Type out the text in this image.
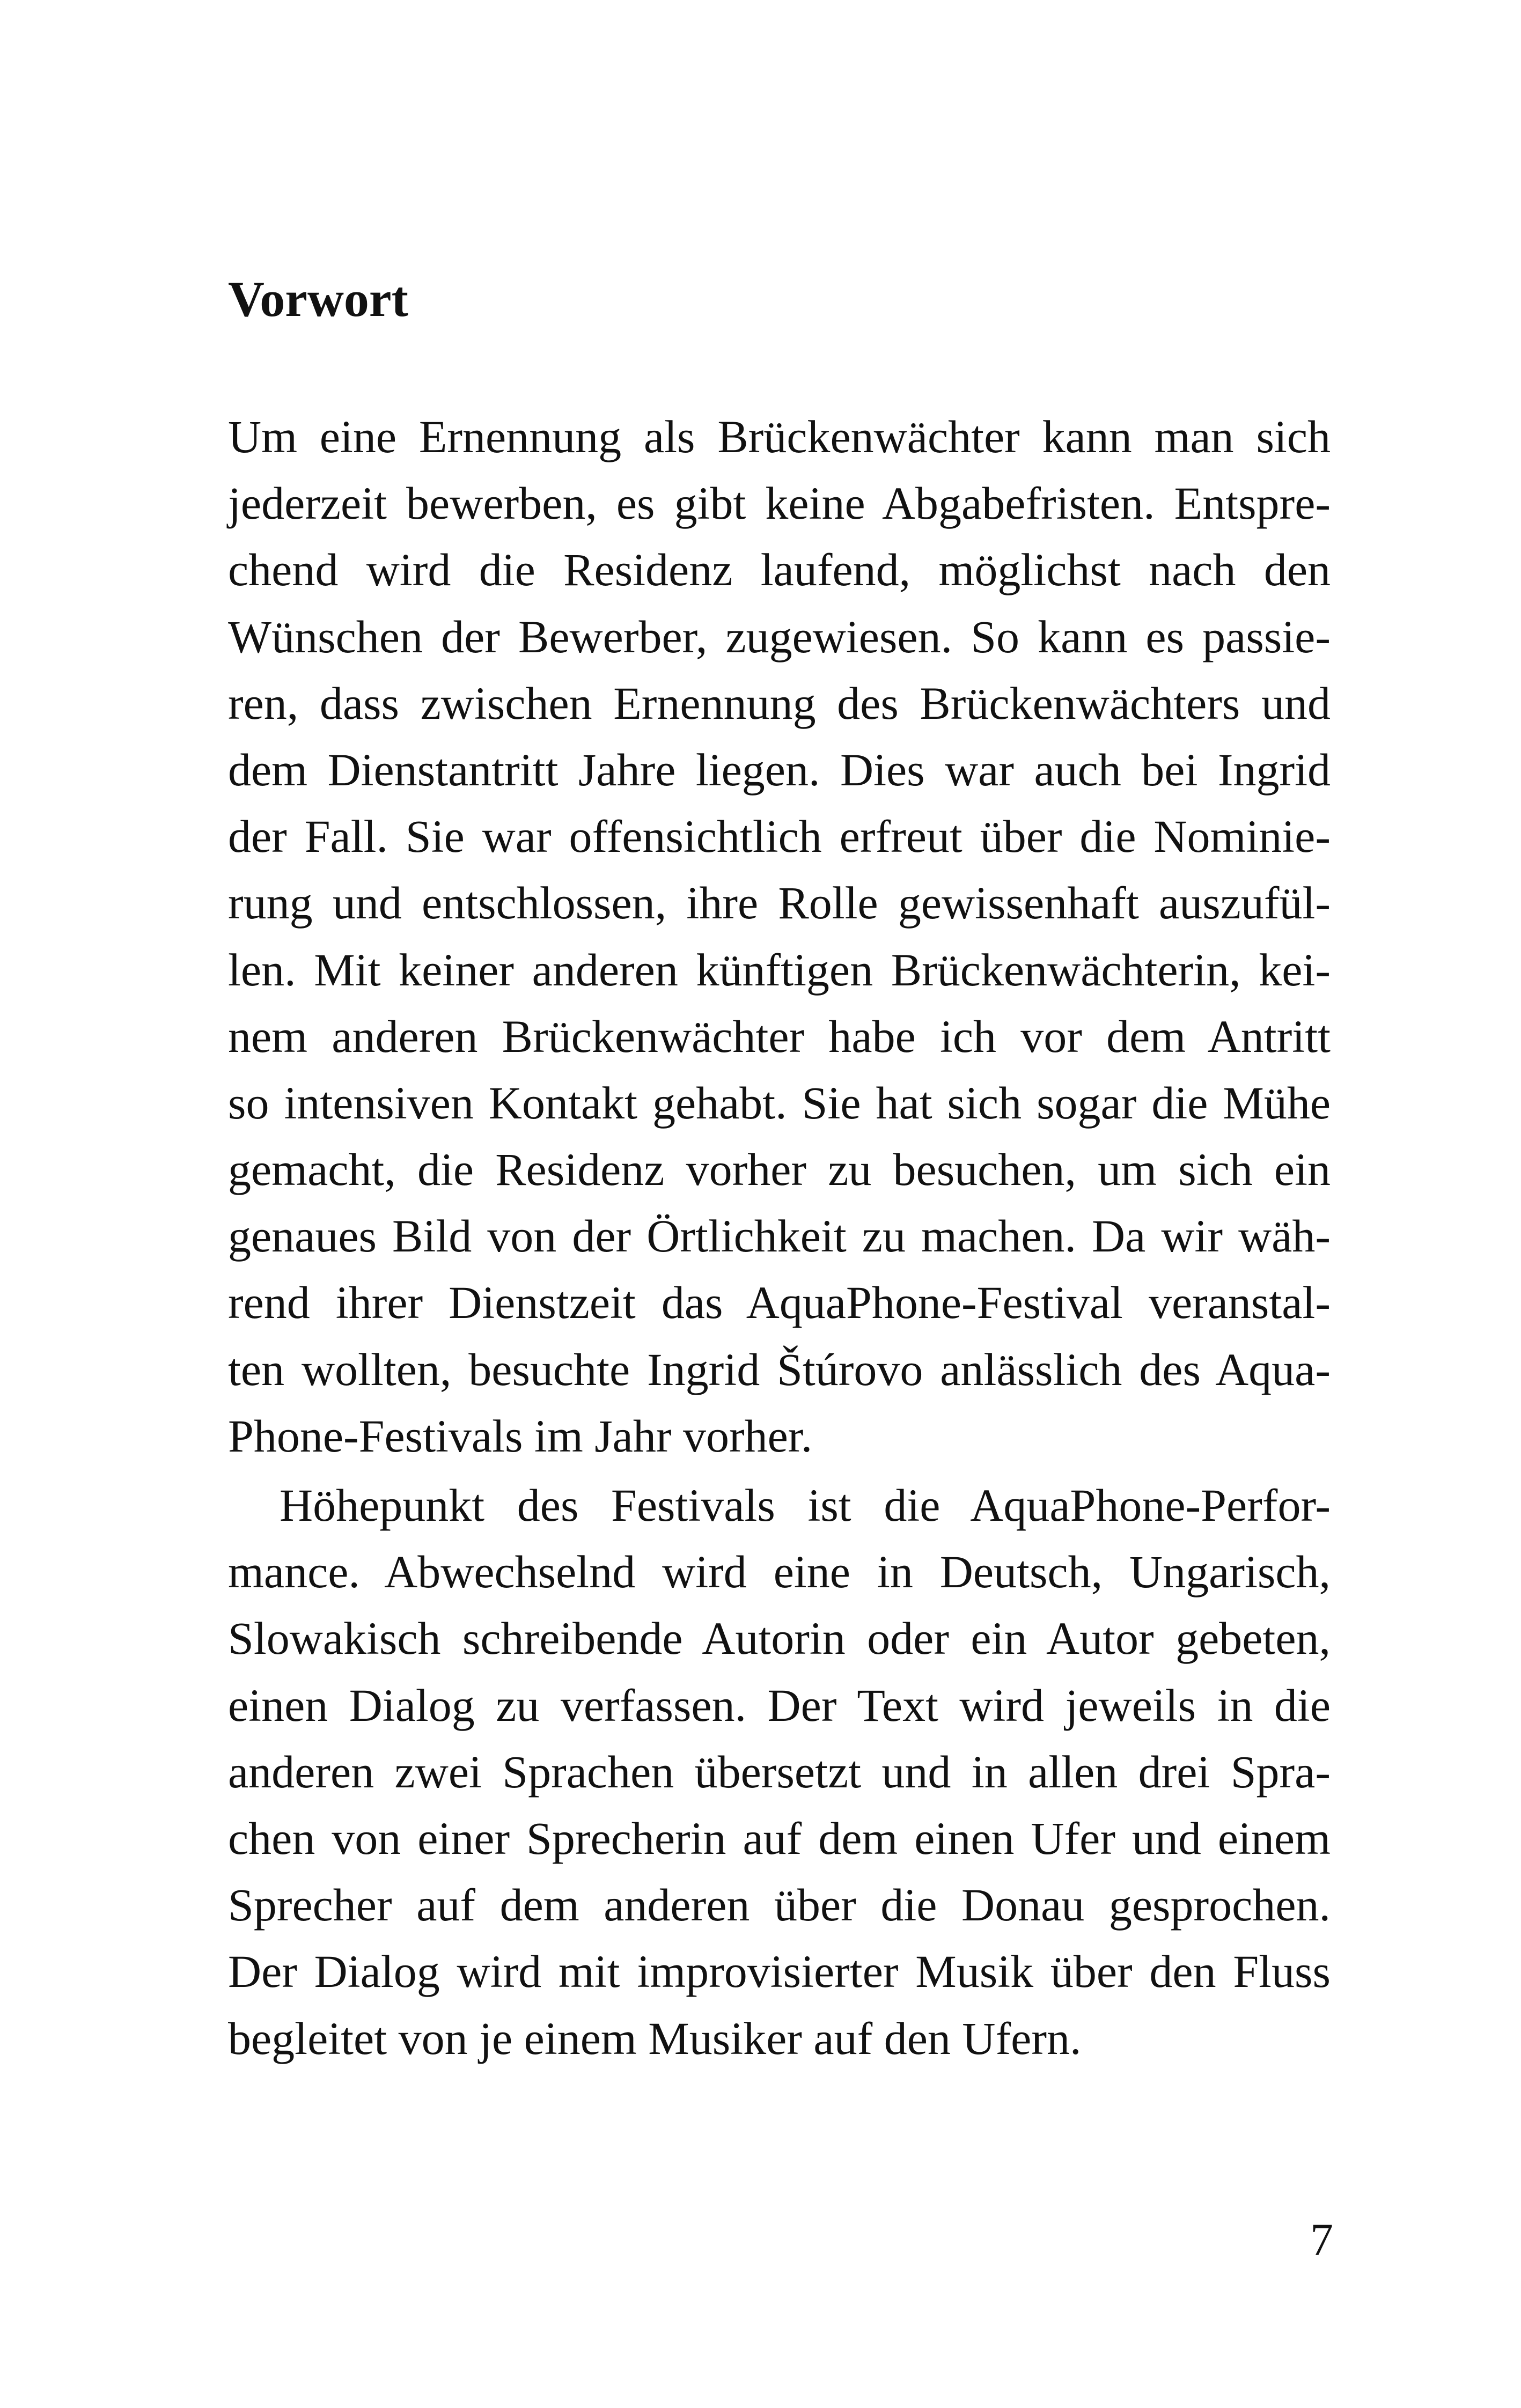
Vorwort
Um eine Ernennung als Brückenwächter kann man sich
jederzeit bewerben, es gibt keine Abgabefristen. Entspre-
chend wird die Residenz laufend, möglichst nach den
Wünschen der Bewerber, zugewiesen. So kann es passie-
ren, dass zwischen Ernennung des Brückenwächters und
dem Dienstantritt Jahre liegen. Dies war auch bei Ingrid
der Fall. Sie war offensichtlich erfreut über die Nominie-
rung und entschlossen, ihre Rolle gewissenhaft auszufül-
len. Mit keiner anderen künftigen Brückenwächterin, kei-
nem anderen Brückenwächter habe ich vor dem Antritt
so intensiven Kontakt gehabt. Sie hat sich sogar die Mühe
gemacht, die Residenz vorher zu besuchen, um sich ein
genaues Bild von der Örtlichkeit zu machen. Da wir wäh-
rend ihrer Dienstzeit das AquaPhone-Festival veranstal-
ten wollten, besuchte Ingrid Štúrovo anlässlich des Aqua-
Phone-Festivals im Jahr vorher.
Höhepunkt des Festivals ist die AquaPhone-Perfor-
mance. Abwechselnd wird eine in Deutsch, Ungarisch,
Slowakisch schreibende Autorin oder ein Autor gebeten,
einen Dialog zu verfassen. Der Text wird jeweils in die
anderen zwei Sprachen übersetzt und in allen drei Spra-
chen von einer Sprecherin auf dem einen Ufer und einem
Sprecher auf dem anderen über die Donau gesprochen.
Der Dialog wird mit improvisierter Musik über den Fluss
begleitet von je einem Musiker auf den Ufern.
7
